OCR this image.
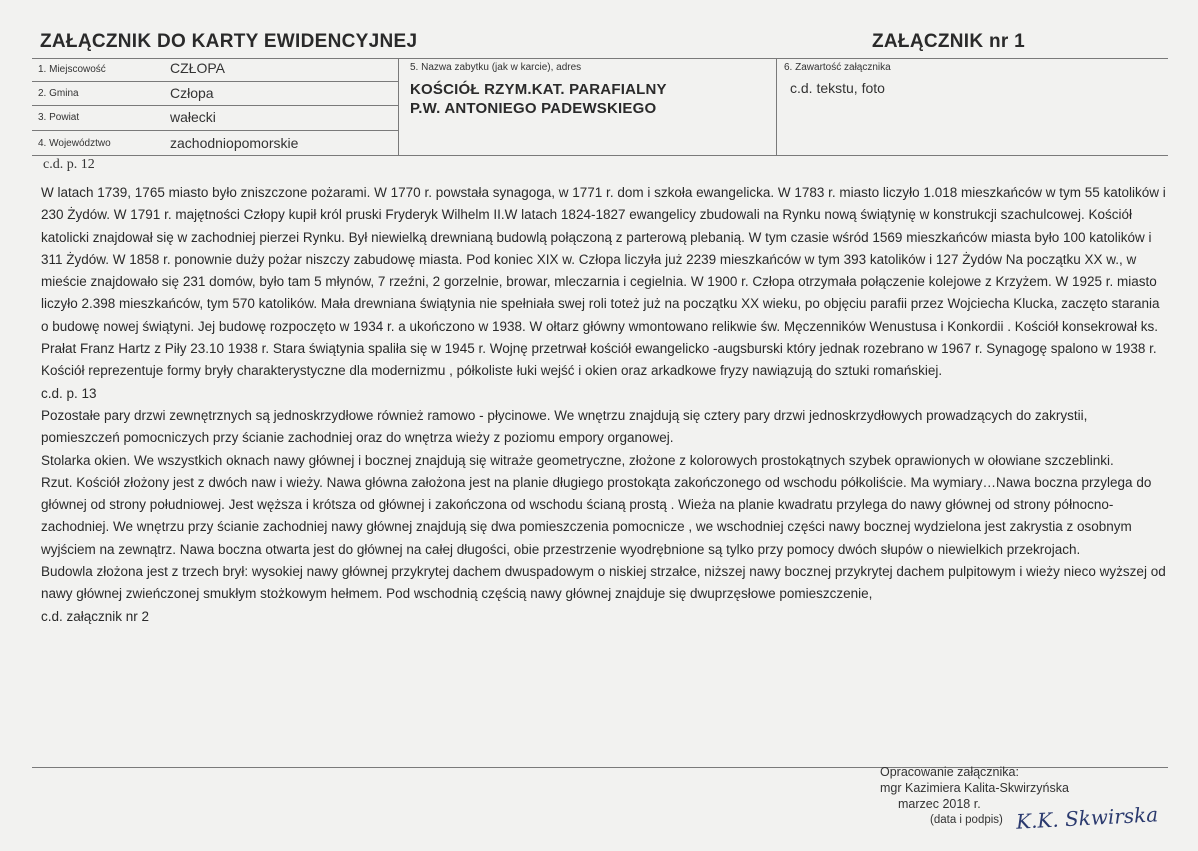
ZAŁĄCZNIK DO KARTY EWIDENCYJNEJ	ZAŁĄCZNIK nr 1
1. Miejscowość	CZŁOPA
2. Gmina	Człopa
3. Powiat	wałecki
4. Województwo	zachodniopomorskie
5. Nazwa zabytku (jak w karcie), adres
KOŚCIÓŁ RZYM.KAT. PARAFIALNY
P.W. ANTONIEGO PADEWSKIEGO
6. Zawartość załącznika
c.d. tekstu, foto
c.d. p. 12

W latach 1739, 1765 miasto było zniszczone pożarami. W 1770 r. powstała synagoga, w 1771 r. dom i szkoła ewangelicka. W 1783 r. miasto liczyło 1.018 mieszkańców w tym 55 katolików i 230 Żydów. W 1791 r. majętności Człopy kupił król pruski Fryderyk Wilhelm II.W latach 1824-1827 ewangelicy zbudowali na Rynku nową świątynię w konstrukcji szachulcowej. Kościół katolicki znajdował się w zachodniej pierzei Rynku. Był niewielką drewnianą budowlą połączoną z parterową plebanią. W tym czasie wśród 1569 mieszkańców miasta było 100 katolików i 311 Żydów. W 1858 r. ponownie duży pożar niszczy zabudowę miasta. Pod koniec XIX w. Człopa liczyła już 2239 mieszkańców w tym 393 katolików i 127 Żydów Na początku XX w., w mieście znajdowało się 231 domów, było tam 5 młynów, 7 rzeźni, 2 gorzelnie, browar, mleczarnia i cegielnia. W 1900 r. Człopa otrzymała połączenie kolejowe z Krzyżem. W 1925 r. miasto liczyło 2.398 mieszkańców, tym 570 katolików. Mała drewniana świątynia nie spełniała swej roli toteż już na początku XX wieku, po objęciu parafii przez Wojciecha Klucka, zaczęto starania o budowę nowej świątyni. Jej budowę rozpoczęto w 1934 r. a ukończono w 1938. W ołtarz główny wmontowano relikwie św. Męczenników Wenustusa i Konkordii . Kościół konsekrował ks. Prałat Franz Hartz z Piły 23.10 1938 r. Stara świątynia spaliła się w 1945 r. Wojnę przetrwał kościół ewangelicko -augsburski który jednak rozebrano w 1967 r. Synagogę spalono w 1938 r.

Kościół reprezentuje formy bryły charakterystyczne dla modernizmu , półkoliste łuki wejść i okien oraz arkadkowe fryzy nawiązują do sztuki romańskiej.

c.d. p. 13

Pozostałe pary drzwi zewnętrznych są jednoskrzydłowe również ramowo - płycinowe. We wnętrzu znajdują się cztery pary drzwi jednoskrzydłowych prowadzących do zakrystii, pomieszczeń pomocniczych przy ścianie zachodniej oraz do wnętrza wieży z poziomu empory organowej.

Stolarka okien. We wszystkich oknach nawy głównej i bocznej znajdują się witraże geometryczne, złożone z kolorowych prostokątnych szybek oprawionych w ołowiane szczeblinki.

Rzut. Kościół złożony jest z dwóch naw i wieży. Nawa główna założona jest na planie długiego prostokąta zakończonego od wschodu półkoliście. Ma wymiary…Nawa boczna przylega do głównej od strony południowej. Jest węższa i krótsza od głównej i zakończona od wschodu ścianą prostą . Wieża na planie kwadratu przylega do nawy głównej od strony północno-zachodniej. We wnętrzu przy ścianie zachodniej nawy głównej znajdują się dwa pomieszczenia pomocnicze , we wschodniej części nawy bocznej wydzielona jest zakrystia z osobnym wyjściem na zewnątrz. Nawa boczna otwarta jest do głównej na całej długości, obie przestrzenie wyodrębnione są tylko przy pomocy dwóch słupów o niewielkich przekrojach.

Budowla złożona jest z trzech brył: wysokiej nawy głównej przykrytej dachem dwuspadowym o niskiej strzałce, niższej nawy bocznej przykrytej dachem pulpitowym i wieży nieco wyższej od nawy głównej zwieńczonej smukłym stożkowym hełmem. Pod wschodnią częścią nawy głównej znajduje się dwuprzęsłowe pomieszczenie,

c.d. załącznik nr 2

Opracowanie załącznika:
mgr Kazimiera Kalita-Skwirzyńska
marzec 2018 r.
(data i podpis) K.K. Skwirska
